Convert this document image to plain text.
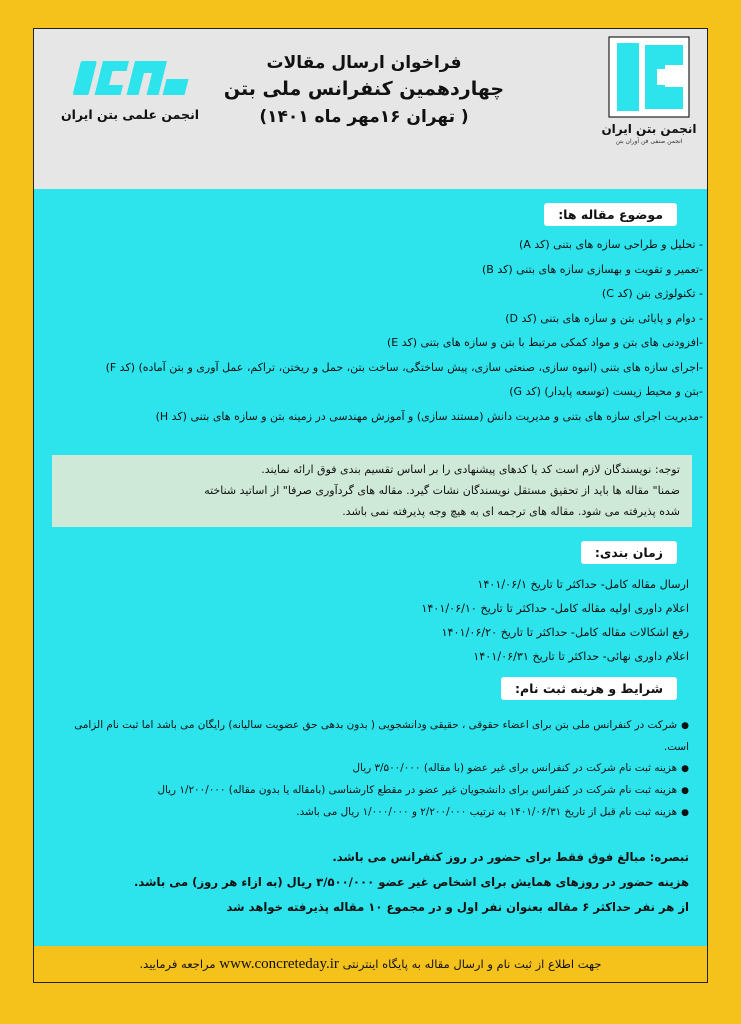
انجمن بتن ایران
انجمن صنفی فن آوران بتن
فراخوان ارسال مقالات
چهاردهمین کنفرانس ملی بتن
( تهران ۱۶مهر ماه ۱۴۰۱)
انجمن علمی بتن ایران
موضوع مقاله ها:
- تحلیل و طراحی سازه های بتنی (کد A)
-تعمیر و تقویت و بهسازی سازه های بتنی (کد B)
- تکنولوژی بتن (کد C)
- دوام و پایائی بتن و سازه های بتنی (کد D)
-افزودنی های بتن و مواد کمکی مرتبط با بتن و سازه های بتنی (کد E)
-اجرای سازه های بتنی (انبوه سازی، صنعتی سازی، پیش ساختگی، ساخت بتن، حمل و ریختن، تراکم، عمل آوری و بتن آماده) (کد F)
-بتن و محیط زیست (توسعه پایدار) (کد G)
-مدیریت اجرای سازه های بتنی و مدیریت دانش (مستند سازی) و آموزش مهندسی در زمینه بتن و سازه های بتنی (کد H)
توجه: نویسندگان لازم است کد یا کدهای پیشنهادی را بر اساس تقسیم بندی فوق ارائه نمایند.
ضمنا" مقاله ها باید از تحقیق مستقل نویسندگان نشات گیرد. مقاله های گردآوری صرفا" از اساتید شناخته
شده پذیرفته می شود. مقاله های ترجمه ای به هیچ وجه پذیرفته نمی باشد.
زمان بندی:
ارسال مقاله کامل- حداکثر تا تاریخ ۱۴۰۱/۰۶/۱
اعلام داوری اولیه مقاله کامل- حداکثر تا تاریخ ۱۴۰۱/۰۶/۱۰
رفع اشکالات مقاله کامل- حداکثر تا تاریخ ۱۴۰۱/۰۶/۲۰
اعلام داوری نهائی- حداکثر تا تاریخ ۱۴۰۱/۰۶/۳۱
شرایط و هزینه ثبت نام:
●شرکت در کنفرانس ملی بتن برای اعضاء حقوقی ، حقیقی ودانشجویی ( بدون بدهی حق عضویت سالیانه) رایگان می باشد اما ثبت نام الزامی است.
●هزینه ثبت نام شرکت در کنفرانس برای غیر عضو (با مقاله) ۳/۵۰۰/۰۰۰ ریال
●هزینه ثبت نام شرکت در کنفرانس برای دانشجویان غیر عضو در مقطع کارشناسی (بامقاله یا بدون مقاله) ۱/۲۰۰/۰۰۰ ریال
●هزینه ثبت نام قبل از تاریخ ۱۴۰۱/۰۶/۳۱ به ترتیب ۲/۲۰۰/۰۰۰ و ۱/۰۰۰/۰۰۰ ریال می باشد.

تبصره: مبالغ فوق فقط برای حضور در روز کنفرانس می باشد.

هزینه حضور در روزهای همایش برای اشخاص غیر عضو ۳/۵۰۰/۰۰۰ ریال (به ازاء هر روز) می باشد.

از هر نفر حداکثر ۶ مقاله بعنوان نفر اول و در مجموع ۱۰ مقاله پذیرفته خواهد شد

جهت اطلاع از ثبت نام و ارسال مقاله به پایگاه اینترنتی www.concreteday.ir مراجعه فرمایید.
